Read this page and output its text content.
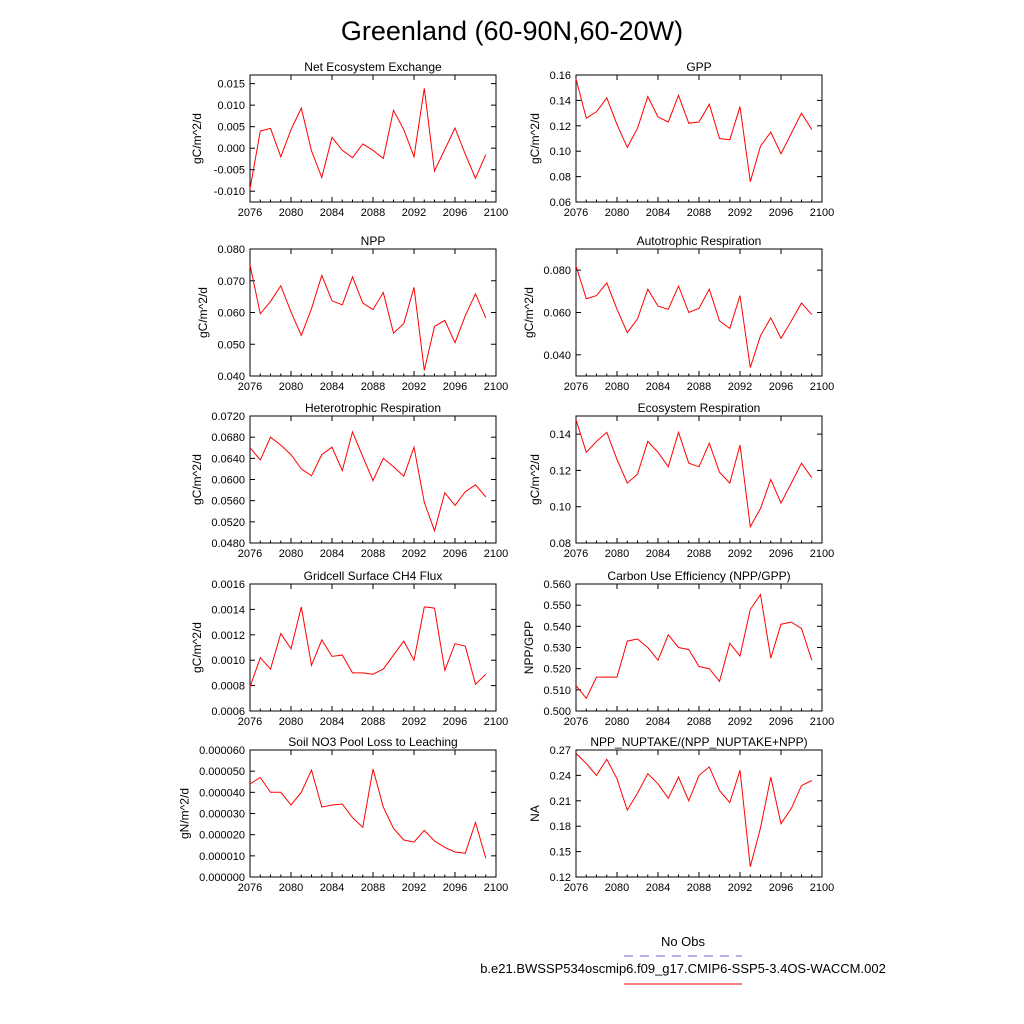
Greenland (60-90N,60-20W)
Net Ecosystem Exchange
2076 2080 2084 2088 2092 2096 2100
-0.010
-0.005
0.000
0.005
0.010
0.015
gC/m^2/d
GPP
2076 2080 2084 2088 2092 2096 2100
0.06
0.08
0.10
0.12
0.14
0.16
gC/m^2/d
NPP
2076 2080 2084 2088 2092 2096 2100
0.040
0.050
0.060
0.070
0.080
gC/m^2/d
Autotrophic Respiration
2076 2080 2084 2088 2092 2096 2100
0.040
0.060
0.080
gC/m^2/d
Heterotrophic Respiration
2076 2080 2084 2088 2092 2096 2100
0.0480
0.0520
0.0560
0.0600
0.0640
0.0680
0.0720
gC/m^2/d
Ecosystem Respiration
2076 2080 2084 2088 2092 2096 2100
0.08
0.10
0.12
0.14
gC/m^2/d
Gridcell Surface CH4 Flux
2076 2080 2084 2088 2092 2096 2100
0.0006
0.0008
0.0010
0.0012
0.0014
0.0016
gC/m^2/d
Carbon Use Efficiency (NPP/GPP)
2076 2080 2084 2088 2092 2096 2100
0.500
0.510
0.520
0.530
0.540
0.550
0.560
NPP/GPP
Soil NO3 Pool Loss to Leaching
2076 2080 2084 2088 2092 2096 2100
0.000000
0.000010
0.000020
0.000030
0.000040
0.000050
0.000060
gN/m^2/d
NPP_NUPTAKE/(NPP_NUPTAKE+NPP)
2076 2080 2084 2088 2092 2096 2100
0.12
0.15
0.18
0.21
0.24
0.27
NA
No Obs
b.e21.BWSSP534oscmip6.f09_g17.CMIP6-SSP5-3.4OS-WACCM.002
